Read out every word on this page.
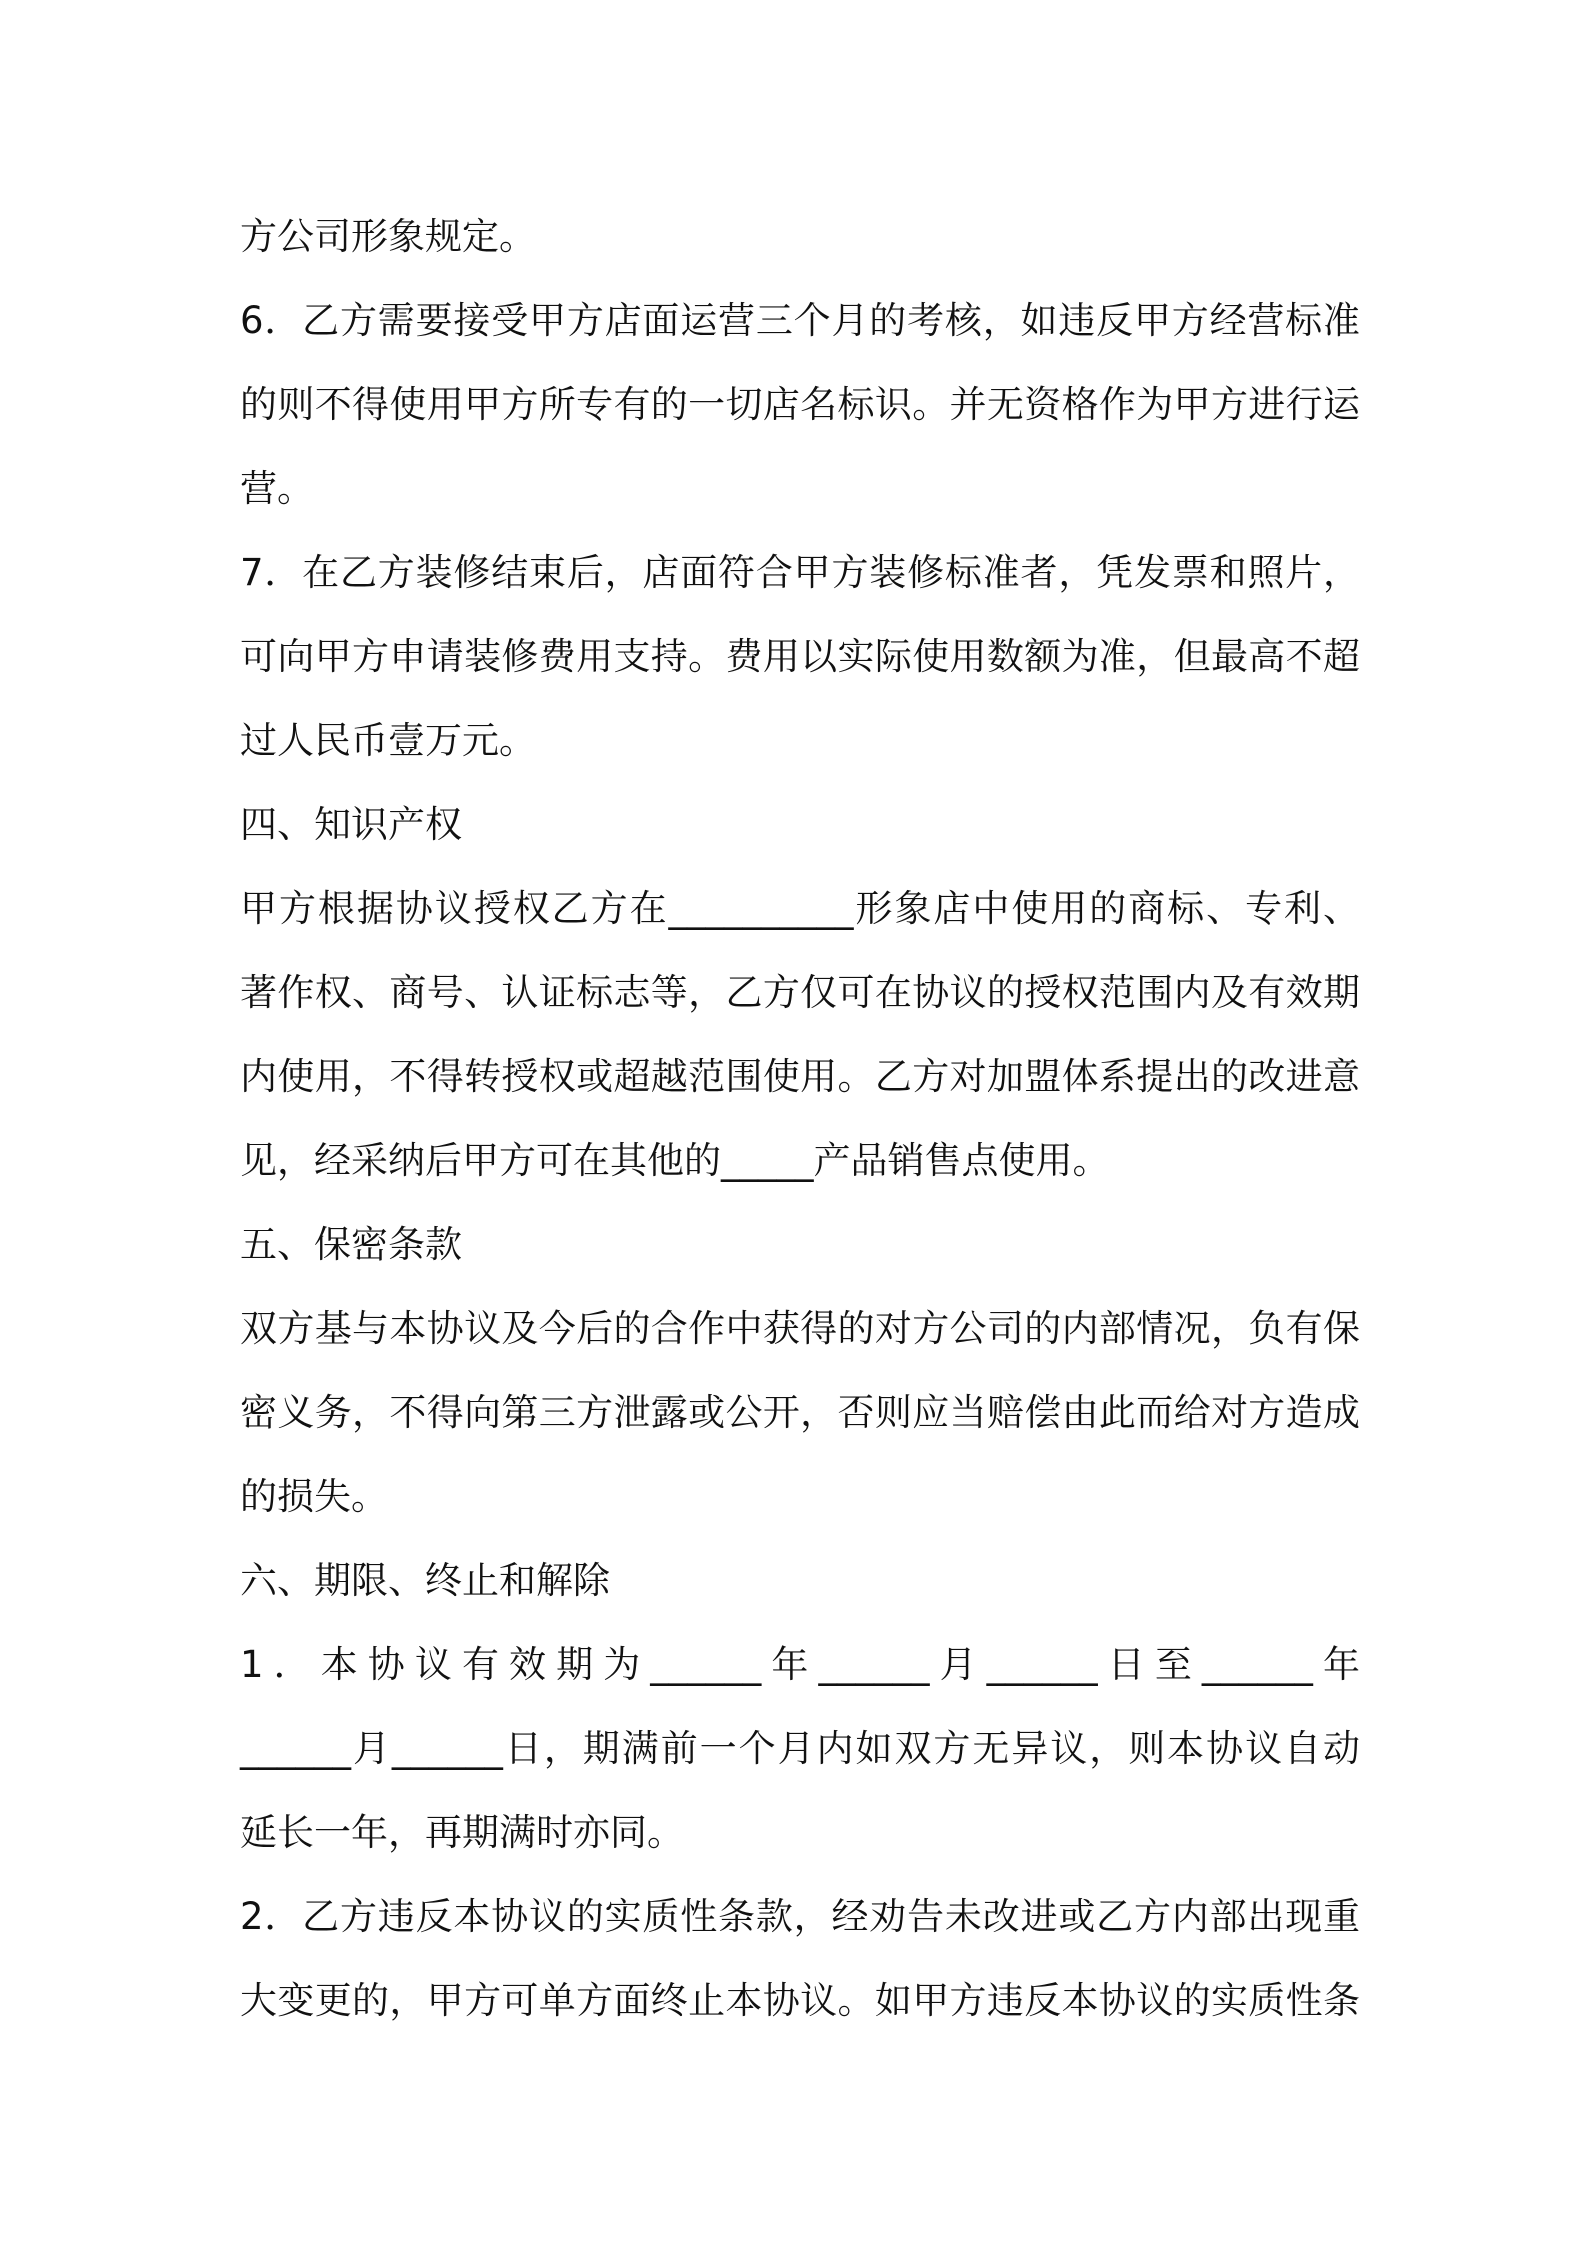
方公司形象规定。

6．乙方需要接受甲方店面运营三个月的考核，如违反甲方经营标准

的则不得使用甲方所专有的一切店名标识。并无资格作为甲方进行运

营。

7．在乙方装修结束后，店面符合甲方装修标准者，凭发票和照片，

可向甲方申请装修费用支持。费用以实际使用数额为准，但最高不超

过人民币壹万元。

四、知识产权

甲方根据协议授权乙方在__________形象店中使用的商标、专利、

著作权、商号、认证标志等，乙方仅可在协议的授权范围内及有效期

内使用，不得转授权或超越范围使用。乙方对加盟体系提出的改进意

见，经采纳后甲方可在其他的_____产品销售点使用。

五、保密条款

双方基与本协议及今后的合作中获得的对方公司的内部情况，负有保

密义务，不得向第三方泄露或公开，否则应当赔偿由此而给对方造成

的损失。

六、期限、终止和解除

1．本协议有效期为______年______月______日至______年

______月______日，期满前一个月内如双方无异议，则本协议自动

延长一年，再期满时亦同。

2．乙方违反本协议的实质性条款，经劝告未改进或乙方内部出现重

大变更的，甲方可单方面终止本协议。如甲方违反本协议的实质性条
